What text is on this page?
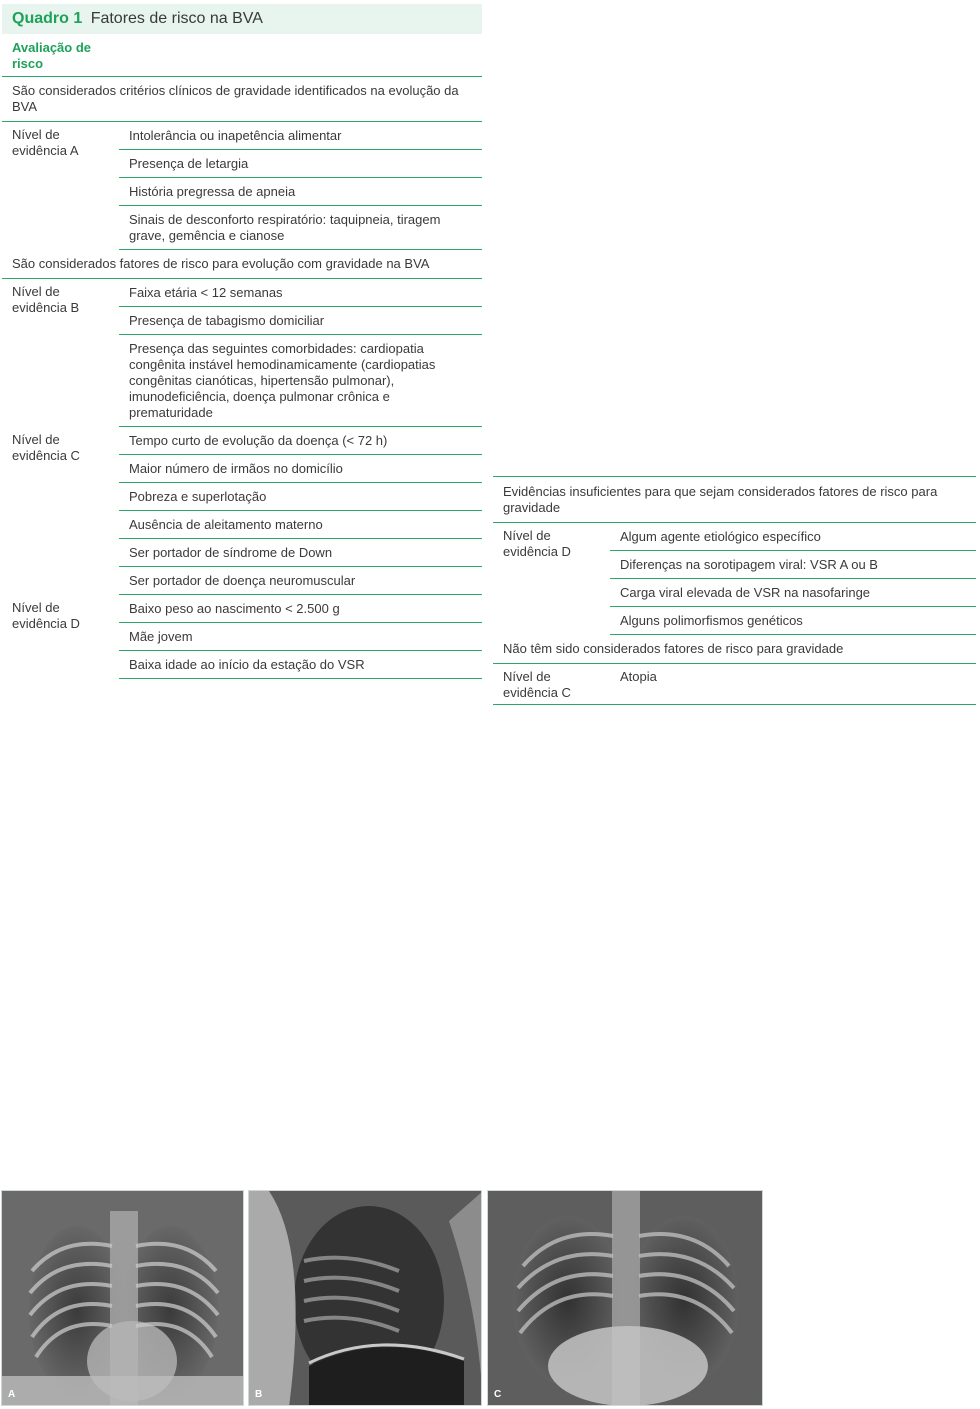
Quadro 1 Fatores de risco na BVA
Avaliação de risco	

São considerados critérios clínicos de gravidade identificados na evolução da BVA	
Nível de evidência A	Intolerância ou inapetência alimentar
	Presença de letargia
	História pregressa de apneia
	Sinais de desconforto respiratório: taquipneia, tiragem grave, gemência e cianose
São considerados fatores de risco para evolução com gravidade na BVA	
Nível de evidência B	Faixa etária < 12 semanas
	Presença de tabagismo domiciliar
	Presença das seguintes comorbidades: cardiopatia congênita instável hemodinamicamente (cardiopatias congênitas cianóticas, hipertensão pulmonar), imunodeficiência, doença pulmonar crônica e prematuridade
Nível de evidência C	Tempo curto de evolução da doença (< 72 h)
	Maior número de irmãos no domicílio
	Pobreza e superlotação
	Ausência de aleitamento materno
	Ser portador de síndrome de Down
	Ser portador de doença neuromuscular
Nível de evidência D	Baixo peso ao nascimento < 2.500 g
	Mãe jovem
	Baixa idade ao início da estação do VSR
Evidências insuficientes para que sejam considerados fatores de risco para gravidade	
Nível de evidência D	Algum agente etiológico específico
	Diferenças na sorotipagem viral: VSR A ou B
	Carga viral elevada de VSR na nasofaringe
	Alguns polimorfismos genéticos
Não têm sido considerados fatores de risco para gravidade	
Nível de evidência C	Atopia
A	B	C
